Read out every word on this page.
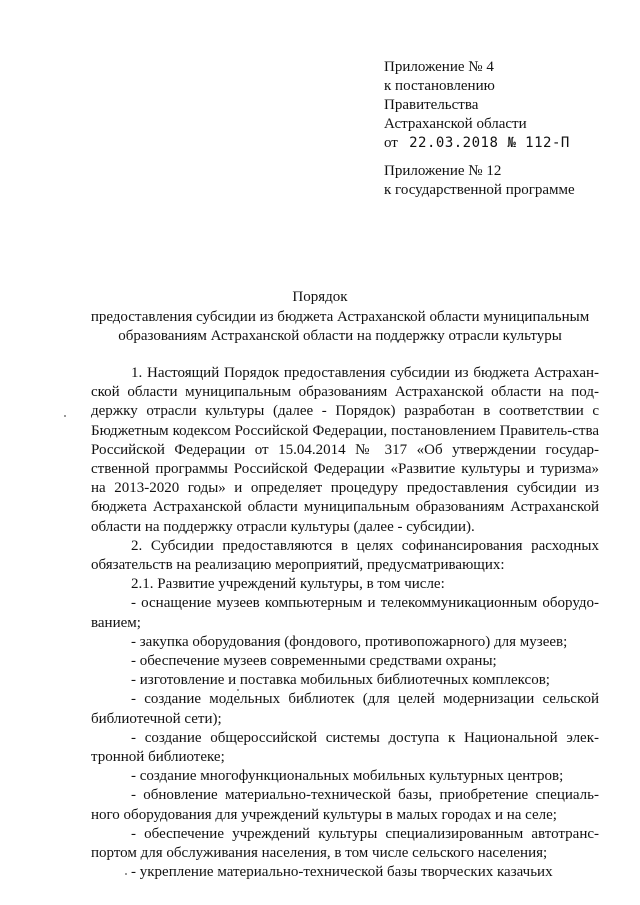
Приложение № 4
к постановлению
Правительства
Астраханской области
от 22.03.2018 № 112-П
Приложение № 12
к государственной программе
Порядок
предоставления субсидии из бюджета Астраханской области муниципальным
образованиям Астраханской области на поддержку отрасли культуры

1. Настоящий Порядок предоставления субсидии из бюджета Астрахан-ской области муниципальным образованиям Астраханской области на под-держку отрасли культуры (далее - Порядок) разработан в соответствии с Бюджетным кодексом Российской Федерации, постановлением Правитель-ства Российской Федерации от 15.04.2014 № 317 «Об утверждении государ-ственной программы Российской Федерации «Развитие культуры и туризма» на 2013-2020 годы» и определяет процедуру предоставления субсидии из бюджета Астраханской области муниципальным образованиям Астраханской области на поддержку отрасли культуры (далее - субсидии).

2. Субсидии предоставляются в целях софинансирования расходных обязательств на реализацию мероприятий, предусматривающих:

2.1. Развитие учреждений культуры, в том числе:

- оснащение музеев компьютерным и телекоммуникационным оборудо-ванием;

- закупка оборудования (фондового, противопожарного) для музеев;

- обеспечение музеев современными средствами охраны;

- изготовление и поставка мобильных библиотечных комплексов;

- создание модельных библиотек (для целей модернизации сельской библиотечной сети);

- создание общероссийской системы доступа к Национальной элек-тронной библиотеке;

- создание многофункциональных мобильных культурных центров;

- обновление материально-технической базы, приобретение специаль-ного оборудования для учреждений культуры в малых городах и на селе;

- обеспечение учреждений культуры специализированным автотранс-портом для обслуживания населения, в том числе сельского населения;

- укрепление материально-технической базы творческих казачьих
